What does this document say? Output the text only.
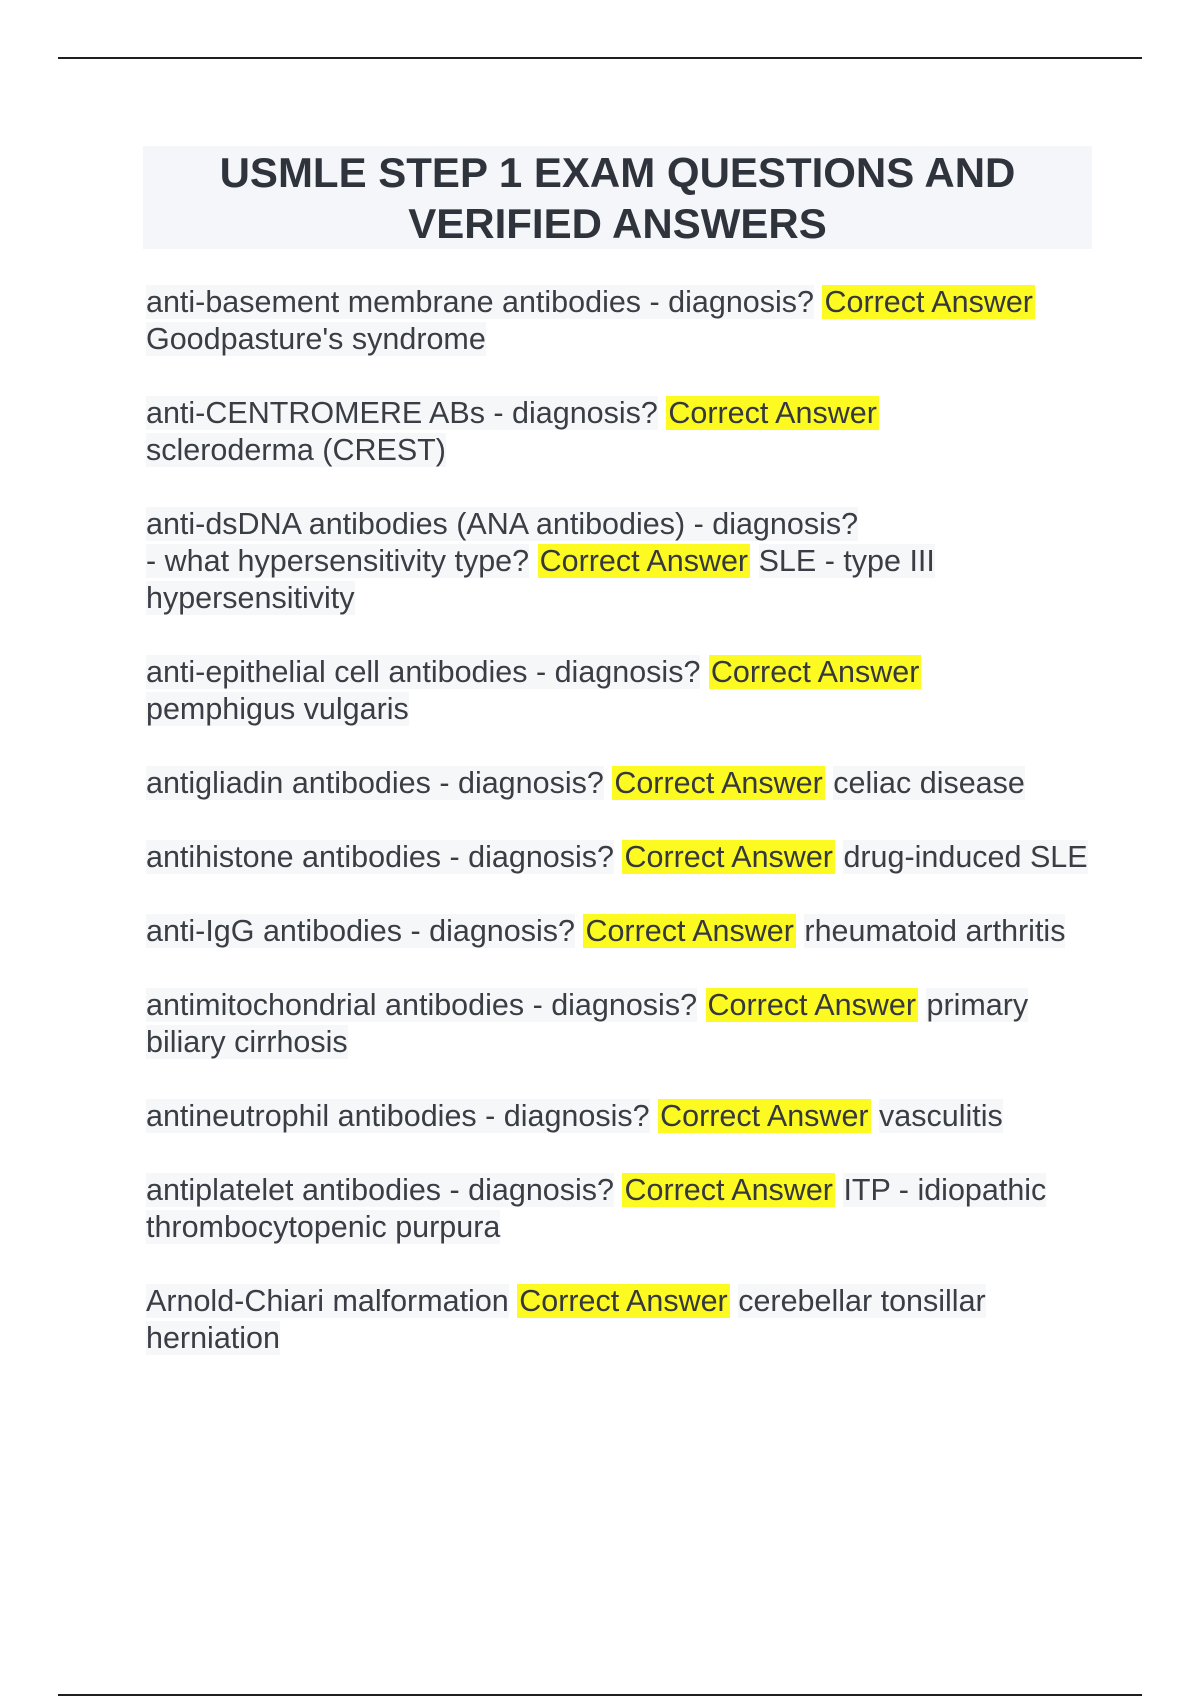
USMLE STEP 1 EXAM QUESTIONS AND VERIFIED ANSWERS

anti-basement membrane antibodies - diagnosis? Correct Answer Goodpasture's syndrome

anti-CENTROMERE ABs - diagnosis? Correct Answer
scleroderma (CREST)

anti-dsDNA antibodies (ANA antibodies) - diagnosis?
- what hypersensitivity type? Correct Answer SLE - type III hypersensitivity

anti-epithelial cell antibodies - diagnosis? Correct Answer
pemphigus vulgaris

antigliadin antibodies - diagnosis? Correct Answer celiac disease

antihistone antibodies - diagnosis? Correct Answer drug-induced SLE

anti-IgG antibodies - diagnosis? Correct Answer rheumatoid arthritis

antimitochondrial antibodies - diagnosis? Correct Answer primary biliary cirrhosis

antineutrophil antibodies - diagnosis? Correct Answer vasculitis

antiplatelet antibodies - diagnosis? Correct Answer ITP - idiopathic thrombocytopenic purpura

Arnold-Chiari malformation Correct Answer cerebellar tonsillar herniation
